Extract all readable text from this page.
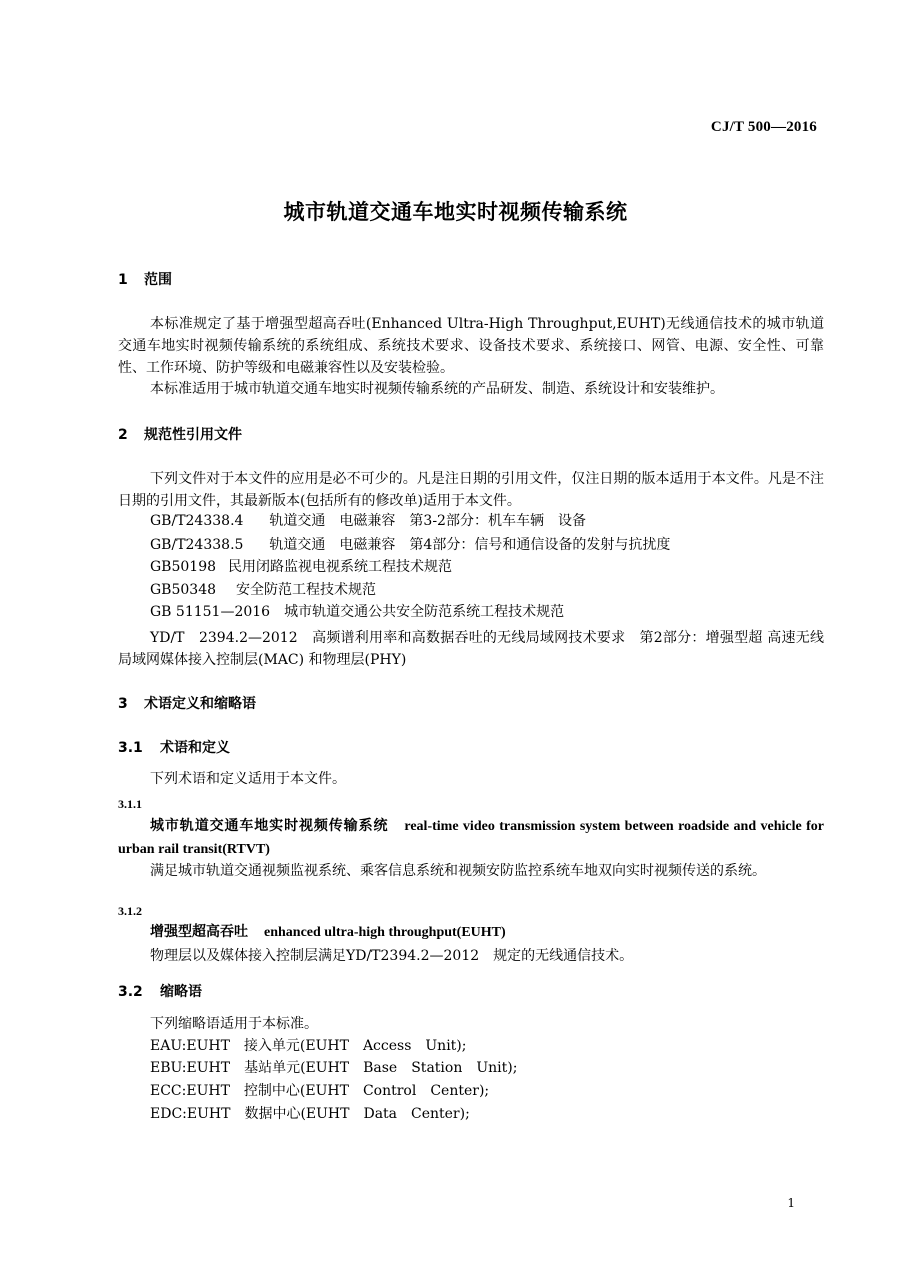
CJ/T 500—2016
城市轨道交通车地实时视频传输系统
1 范围
本标准规定了基于增强型超高吞吐(Enhanced Ultra-High Throughput,EUHT)无线通信技术的城市轨道交通车地实时视频传输系统的系统组成、系统技术要求、设备技术要求、系统接口、网管、电源、安全性、可靠性、工作环境、防护等级和电磁兼容性以及安装检验。
本标准适用于城市轨道交通车地实时视频传输系统的产品研发、制造、系统设计和安装维护。
2 规范性引用文件
下列文件对于本文件的应用是必不可少的。凡是注日期的引用文件，仅注日期的版本适用于本文件。凡是不注日期的引用文件，其最新版本(包括所有的修改单)适用于本文件。
GB/T24338.4 轨道交通　电磁兼容　第3-2部分：机车车辆　设备
GB/T24338.5 轨道交通　电磁兼容　第4部分：信号和通信设备的发射与抗扰度
GB50198 民用闭路监视电视系统工程技术规范
GB50348 安全防范工程技术规范
GB 51151—2016 城市轨道交通公共安全防范系统工程技术规范
YD/T　2394.2—2012　高频谱利用率和高数据吞吐的无线局域网技术要求　第2部分：增强型超 高速无线局域网媒体接入控制层(MAC) 和物理层(PHY)
3 术语定义和缩略语
3.1 术语和定义
下列术语和定义适用于本文件。
3.1.1
城市轨道交通车地实时视频传输系统 real-time video transmission system between roadside and vehicle for urban rail transit(RTVT)
满足城市轨道交通视频监视系统、乘客信息系统和视频安防监控系统车地双向实时视频传送的系统。
3.1.2
增强型超高吞吐 enhanced ultra-high throughput(EUHT)
物理层以及媒体接入控制层满足YD/T2394.2—2012　规定的无线通信技术。
3.2 缩略语
下列缩略语适用于本标准。
EAU:EUHT　接入单元(EUHT　Access　Unit);
EBU:EUHT　基站单元(EUHT　Base　Station　Unit);
ECC:EUHT　控制中心(EUHT　Control　Center);
EDC:EUHT　数据中心(EUHT　Data　Center);
1
